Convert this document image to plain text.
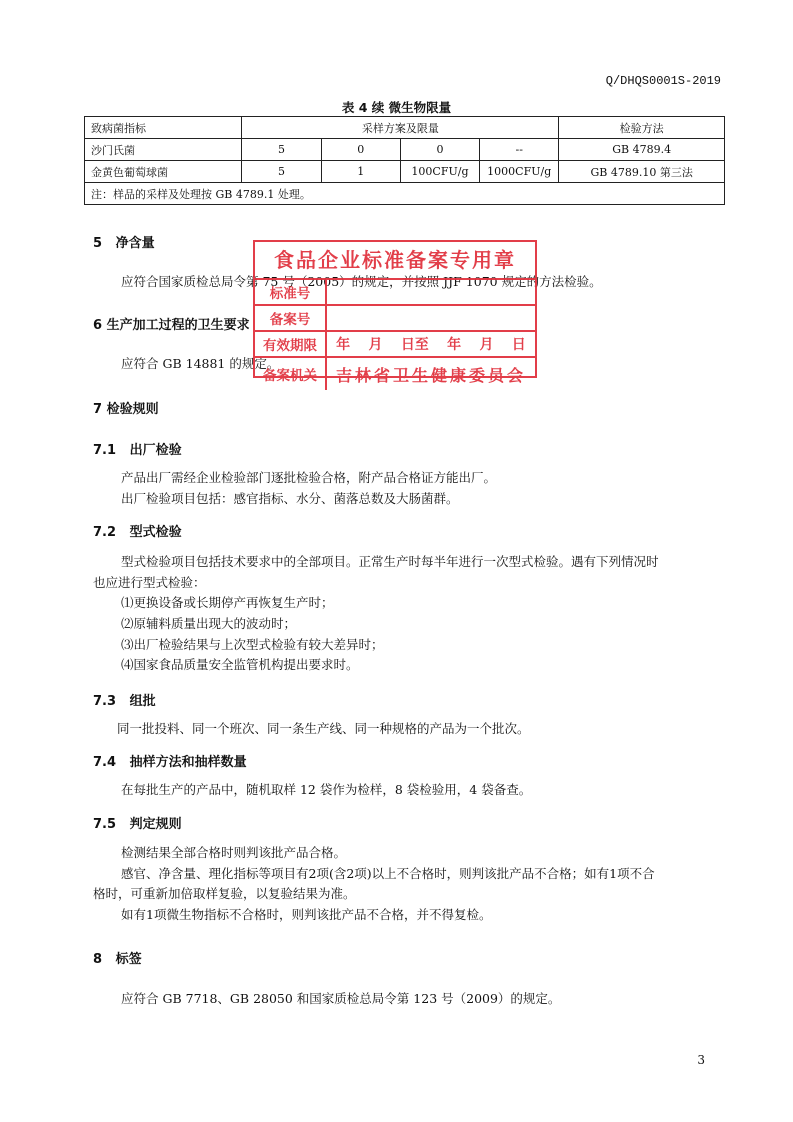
Q/DHQS0001S-2019
表 4 续 微生物限量
致病菌指标	采样方案及限量				检验方法
沙门氏菌	5	0	0	--	GB 4789.4
金黄色葡萄球菌	5	1	100CFU/g	1000CFU/g	GB 4789.10 第三法
注：样品的采样及处理按 GB 4789.1 处理。					
5 净含量
应符合国家质检总局令第 75 号（2005）的规定，并按照 JJF 1070 规定的方法检验。
6 生产加工过程的卫生要求
应符合 GB 14881 的规定。
7 检验规则
7.1 出厂检验
产品出厂需经企业检验部门逐批检验合格，附产品合格证方能出厂。
出厂检验项目包括：感官指标、水分、菌落总数及大肠菌群。
7.2 型式检验
型式检验项目包括技术要求中的全部项目。正常生产时每半年进行一次型式检验。遇有下列情况时
也应进行型式检验：
⑴更换设备或长期停产再恢复生产时；
⑵原辅料质量出现大的波动时；
⑶出厂检验结果与上次型式检验有较大差异时；
⑷国家食品质量安全监管机构提出要求时。
7.3 组批
同一批投料、同一个班次、同一条生产线、同一种规格的产品为一个批次。
7.4 抽样方法和抽样数量
在每批生产的产品中，随机取样 12 袋作为检样，8 袋检验用，4 袋备查。
7.5 判定规则
检测结果全部合格时则判该批产品合格。
感官、净含量、理化指标等项目有2项(含2项)以上不合格时，则判该批产品不合格；如有1项不合
格时，可重新加倍取样复验，以复验结果为准。
如有1项微生物指标不合格时，则判该批产品不合格，并不得复检。
8 标签
应符合 GB 7718、GB 28050 和国家质检总局令第 123 号（2009）的规定。
食品企业标准备案专用章
标准号
备案号
有效期限	年 月 日至 年 月 日
备案机关	吉林省卫生健康委员会
3
